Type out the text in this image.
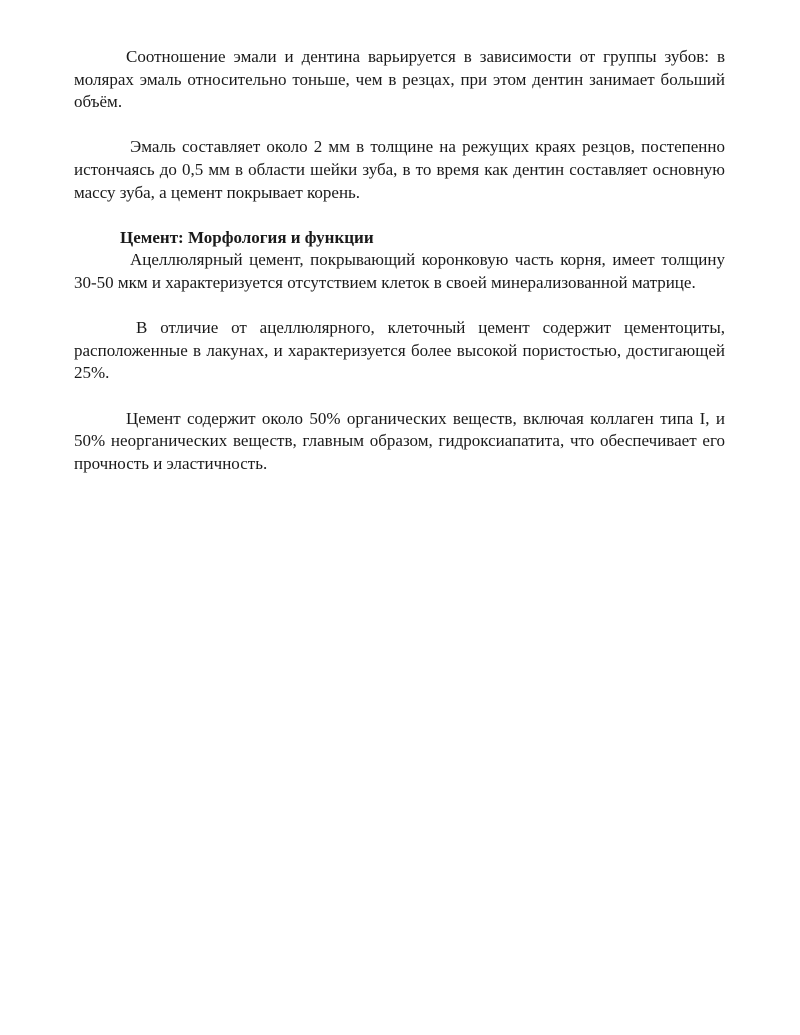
Соотношение эмали и дентина варьируется в зависимости от группы зубов: в молярах эмаль относительно тоньше, чем в резцах, при этом дентин занимает больший объём.

Эмаль составляет около 2 мм в толщине на режущих краях резцов, постепенно истончаясь до 0,5 мм в области шейки зуба, в то время как дентин составляет основную массу зуба, а цемент покрывает корень.

Цемент: Морфология и функции

Ацеллюлярный цемент, покрывающий коронковую часть корня, имеет толщину 30-50 мкм и характеризуется отсутствием клеток в своей минерализованной матрице.

В отличие от ацеллюлярного, клеточный цемент содержит цементоциты, расположенные в лакунах, и характеризуется более высокой пористостью, достигающей 25%.

Цемент содержит около 50% органических веществ, включая коллаген типа I, и 50% неорганических веществ, главным образом, гидроксиапатита, что обеспечивает его прочность и эластичность.
